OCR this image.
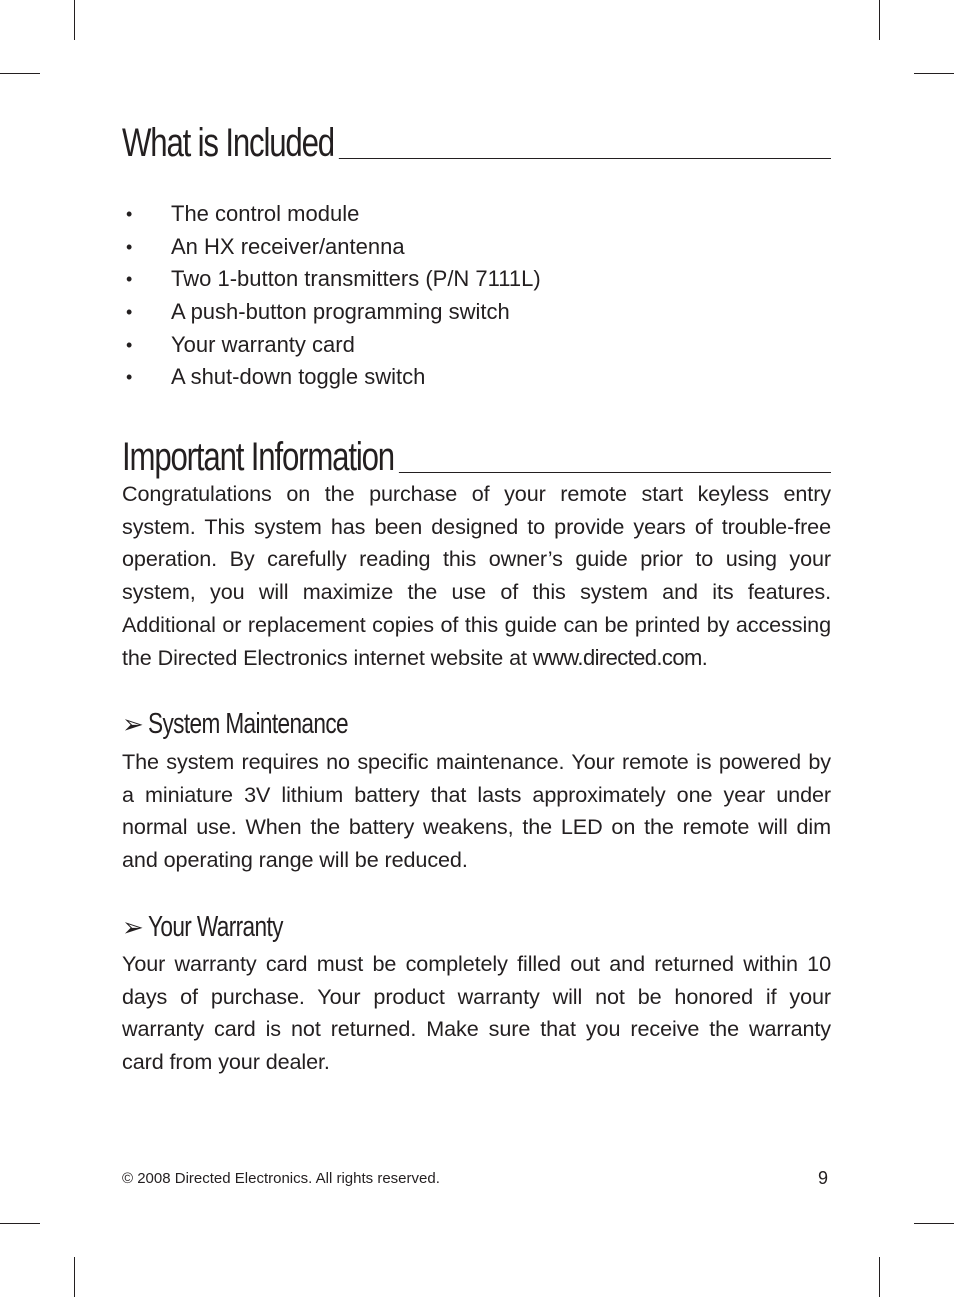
What is Included
• The control module
• An HX receiver/antenna
• Two 1-button transmitters (P/N 7111L)
• A push-button programming switch
• Your warranty card
• A shut-down toggle switch
Important Information

Congratulations on the purchase of your remote start keyless entry system. This system has been designed to provide years of trouble-free operation. By carefully reading this owner’s guide prior to using your system, you will maximize the use of this system and its features. Additional or replacement copies of this guide can be printed by accessing the Directed Electronics internet website at www.directed.com.

➢ System Maintenance

The system requires no specific maintenance. Your remote is powered by a miniature 3V lithium battery that lasts approximately one year under normal use. When the battery weakens, the LED on the remote will dim and operating range will be reduced.

➢ Your Warranty

Your warranty card must be completely filled out and returned within 10 days of purchase. Your product warranty will not be honored if your warranty card is not returned. Make sure that you receive the warranty card from your dealer.

© 2008 Directed Electronics. All rights reserved.	9
